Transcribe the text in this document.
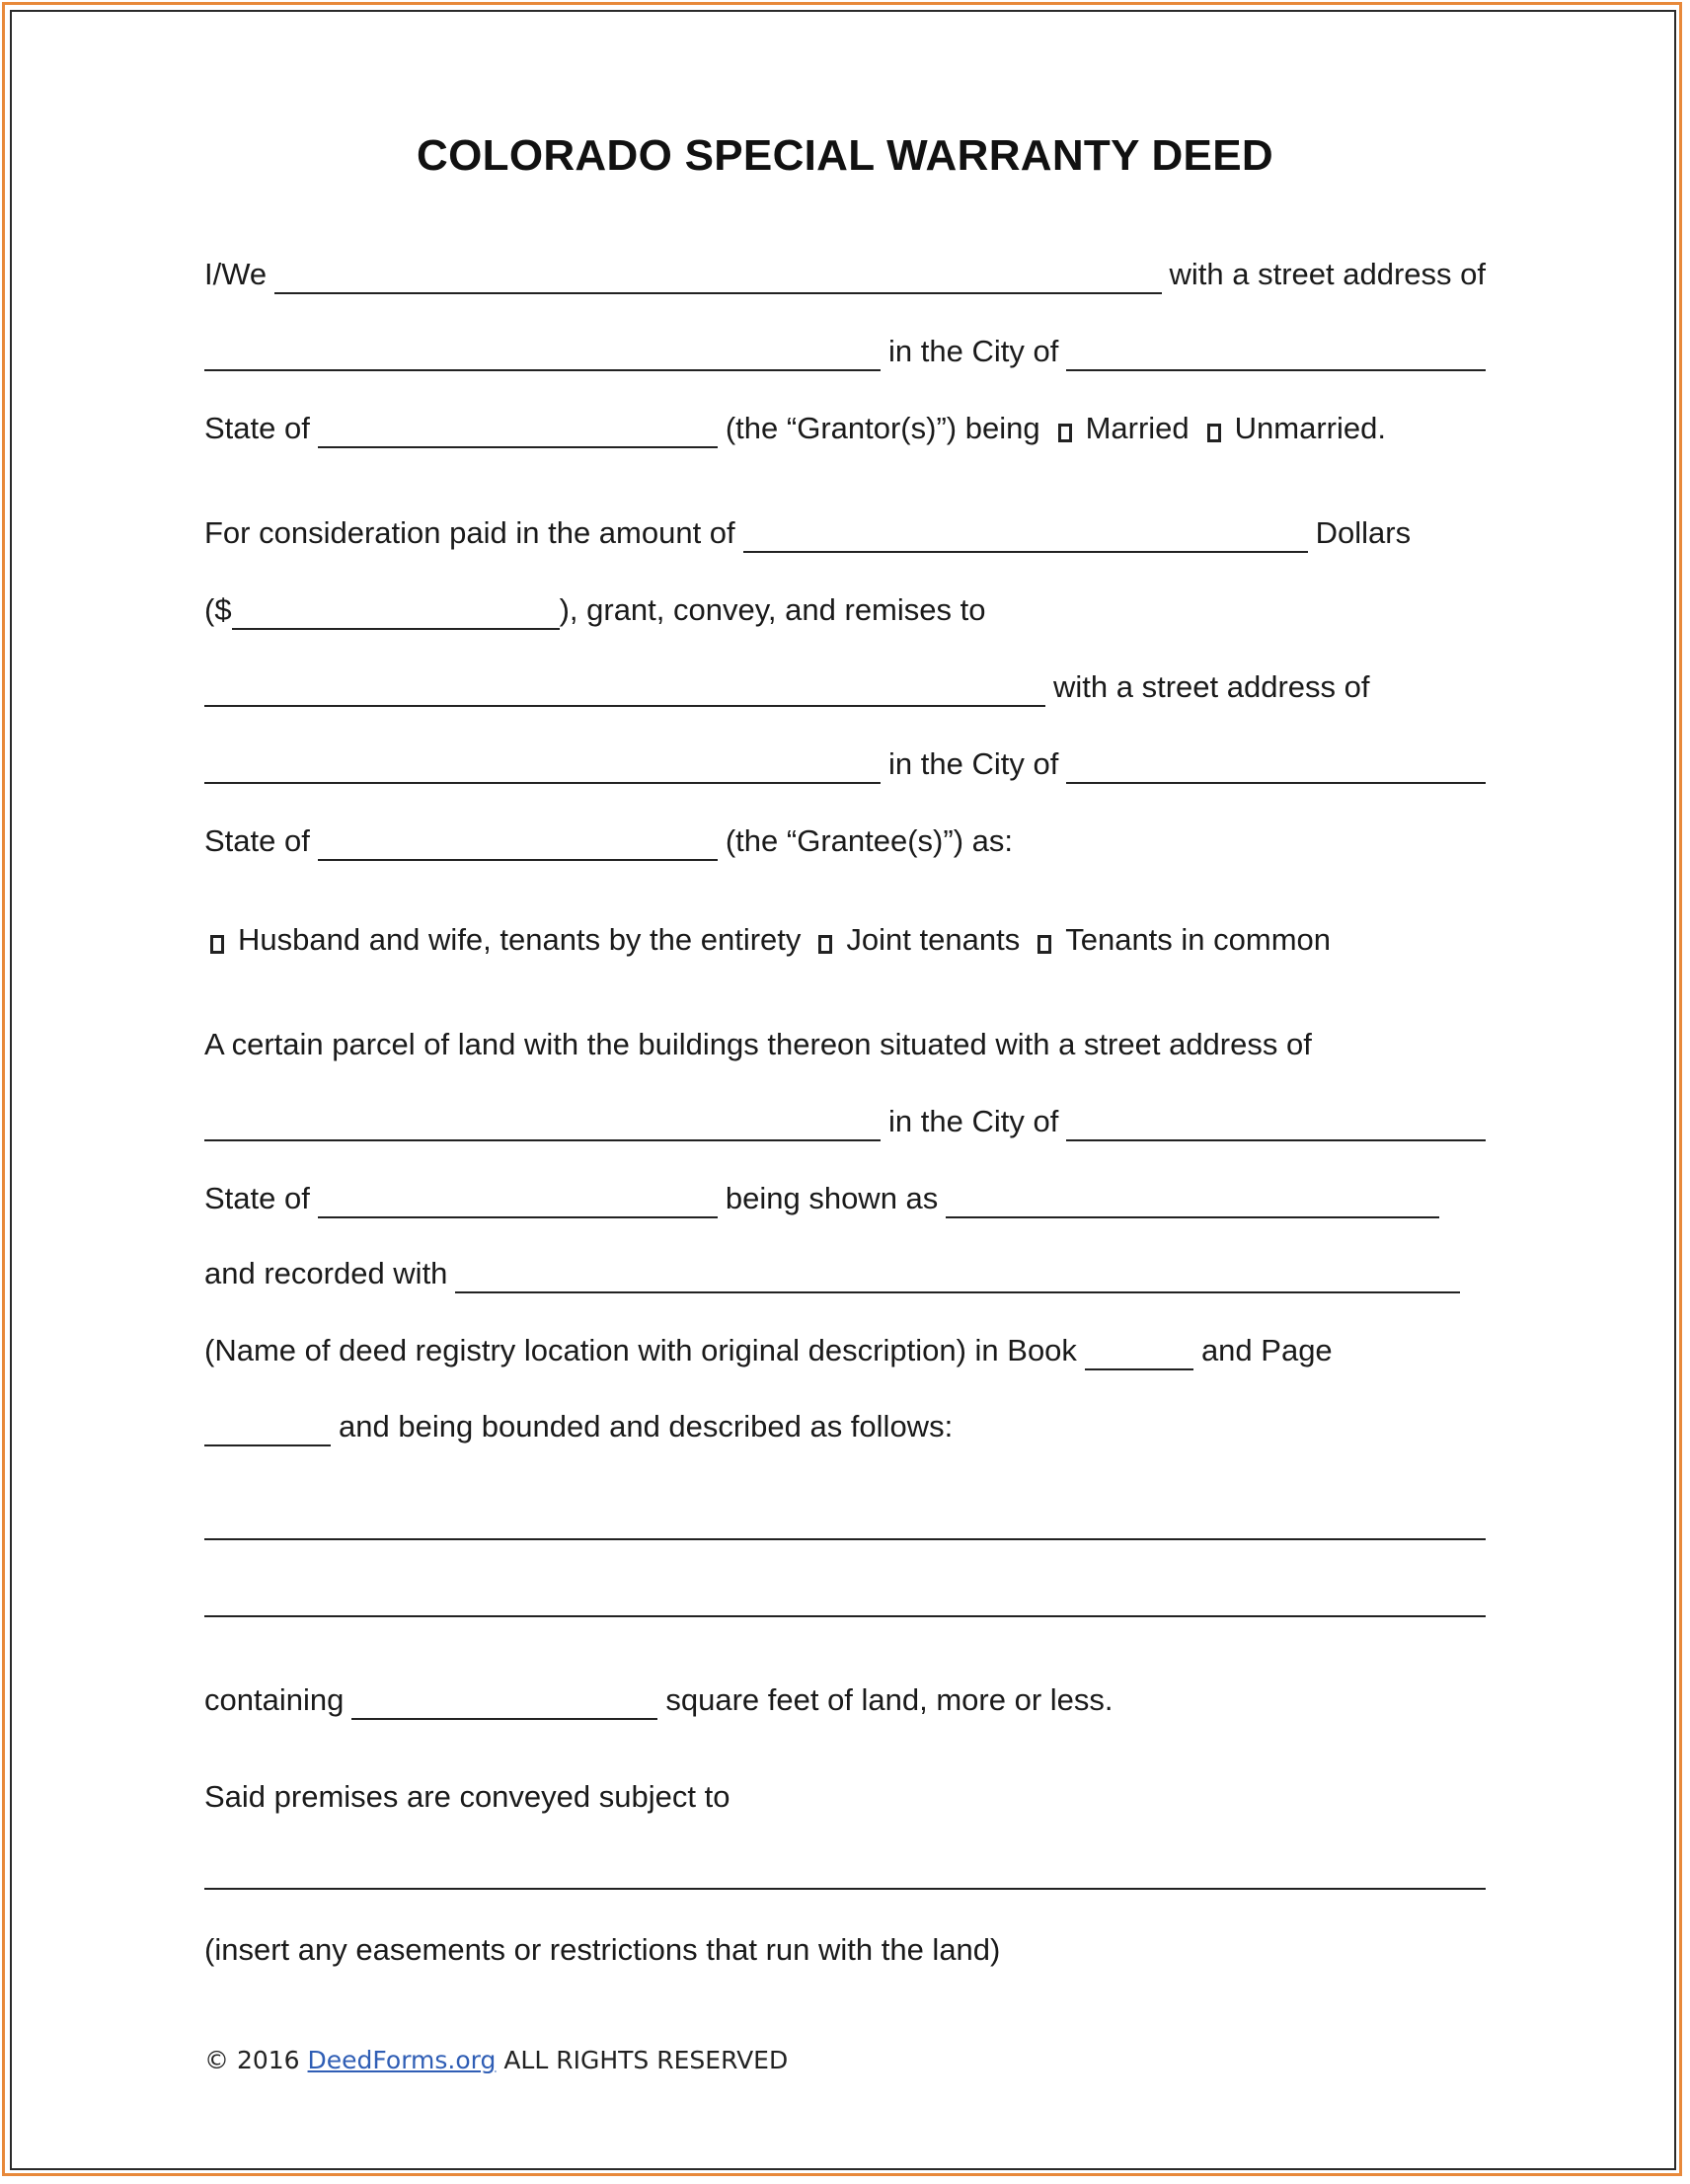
COLORADO SPECIAL WARRANTY DEED
I/We	with a street address of
in the City of
State of	(the “Grantor(s)”) being Married Unmarried.
For consideration paid in the amount of	Dollars
($	), grant, convey, and remises to
with a street address of
in the City of
State of	(the “Grantee(s)”) as:
Husband and wife, tenants by the entirety Joint tenants Tenants in common
A certain parcel of land with the buildings thereon situated with a street address of
in the City of
State of	being shown as
and recorded with
(Name of deed registry location with original description) in Book	and Page
and being bounded and described as follows:
containing	square feet of land, more or less.
Said premises are conveyed subject to
(insert any easements or restrictions that run with the land)
© 2016 DeedForms.org ALL RIGHTS RESERVED
